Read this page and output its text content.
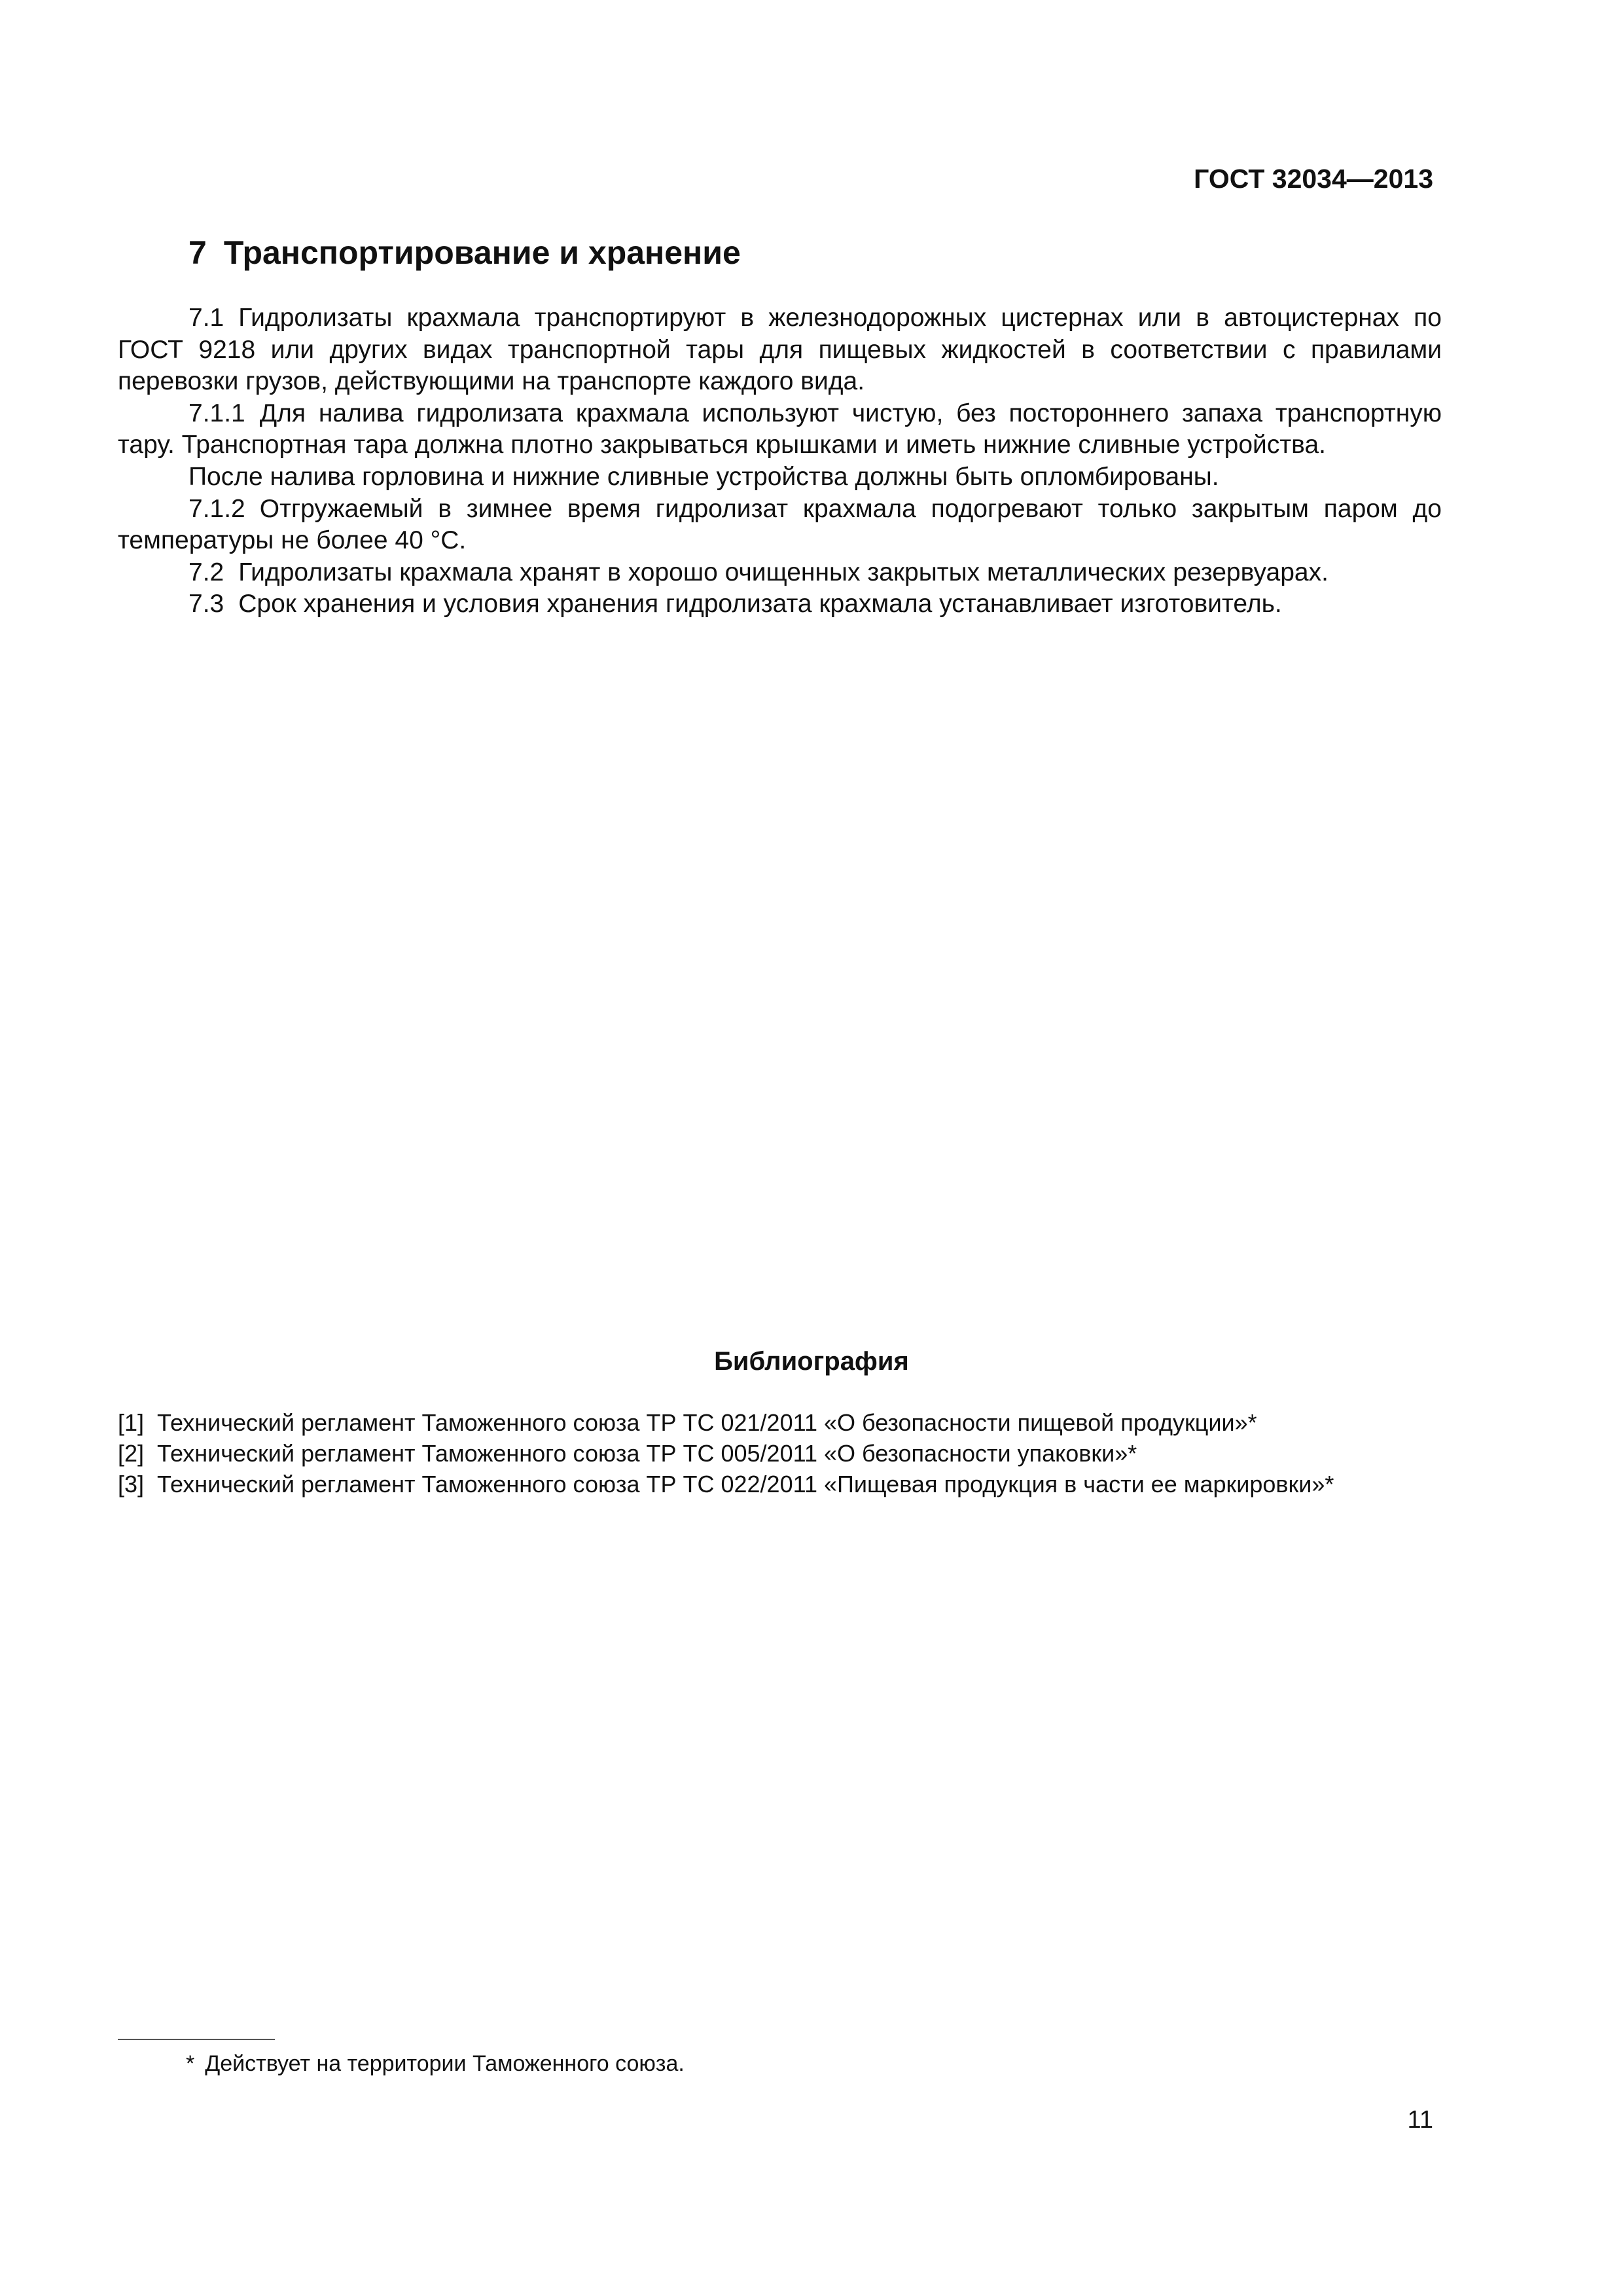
ГОСТ 32034—2013
7 Транспортирование и хранение

7.1 Гидролизаты крахмала транспортируют в железнодорожных цистернах или в автоцистернах по ГОСТ 9218 или других видах транспортной тары для пищевых жидкостей в соответствии с правилами перевозки грузов, действующими на транспорте каждого вида.

7.1.1 Для налива гидролизата крахмала используют чистую, без постороннего запаха транспортную тару. Транспортная тара должна плотно закрываться крышками и иметь нижние сливные устройства.

После налива горловина и нижние сливные устройства должны быть опломбированы.

7.1.2 Отгружаемый в зимнее время гидролизат крахмала подогревают только закрытым паром до температуры не более 40 °С.

7.2 Гидролизаты крахмала хранят в хорошо очищенных закрытых металлических резервуарах.

7.3 Срок хранения и условия хранения гидролизата крахмала устанавливает изготовитель.

Библиография
[1] Технический регламент Таможенного союза ТР ТС 021/2011 «О безопасности пищевой продукции»*
[2] Технический регламент Таможенного союза ТР ТС 005/2011 «О безопасности упаковки»*
[3] Технический регламент Таможенного союза ТР ТС 022/2011 «Пищевая продукция в части ее маркировки»*
* Действует на территории Таможенного союза.
11
